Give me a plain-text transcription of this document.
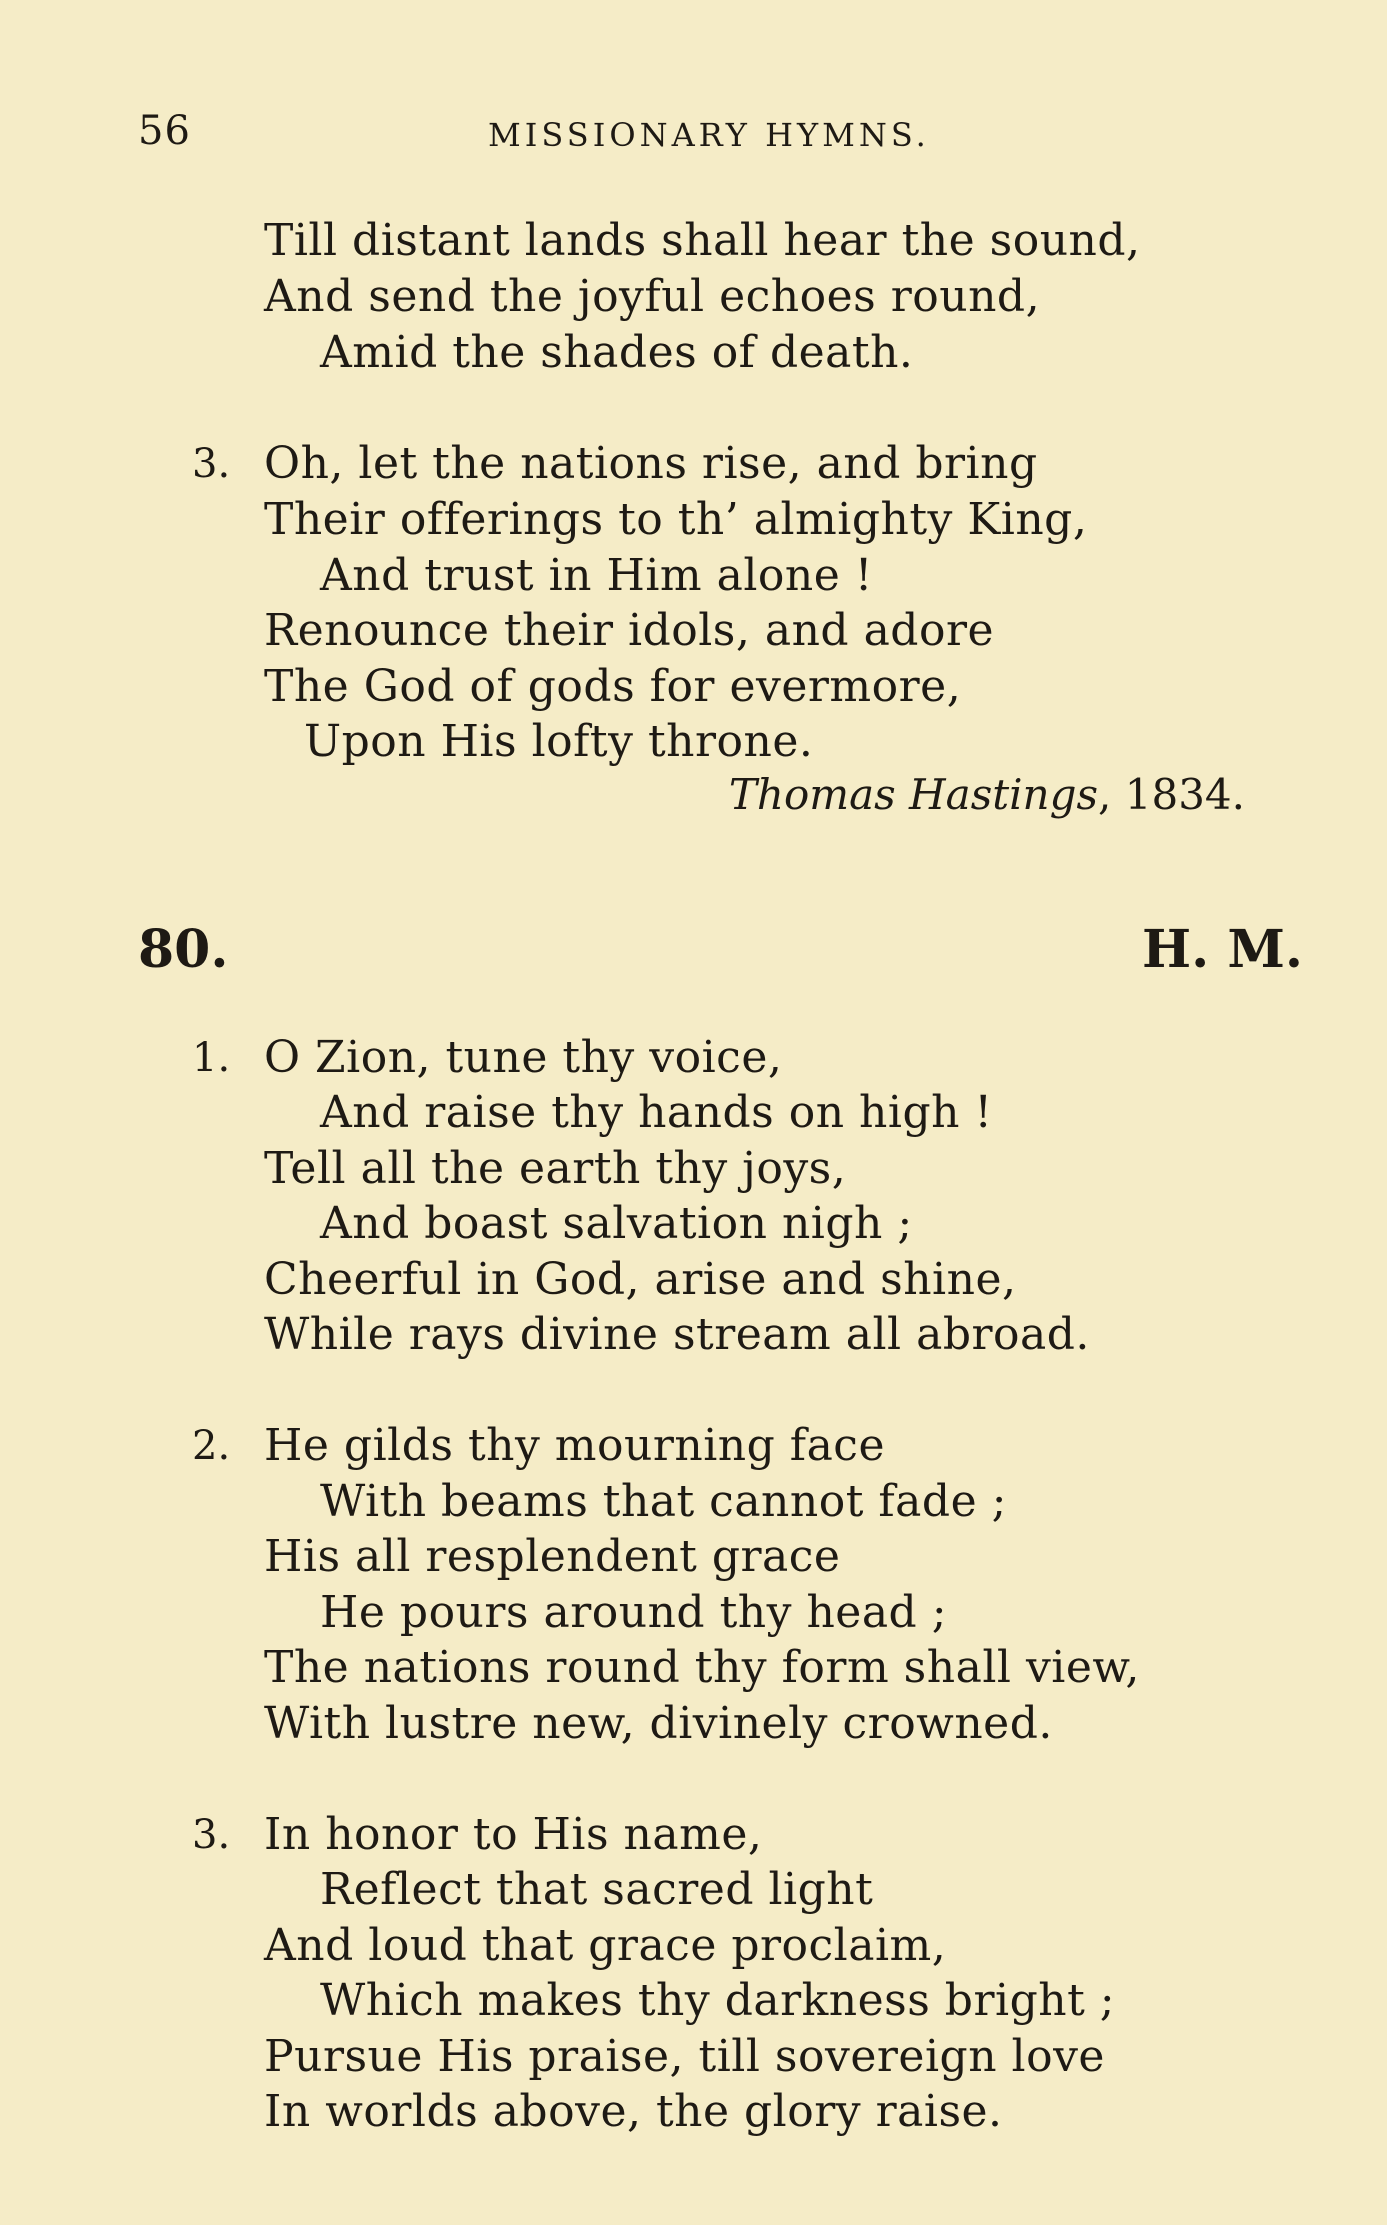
56	MISSIONARY HYMNS.
Till distant lands shall hear the sound,
And send the joyful echoes round,
Amid the shades of death.
3. Oh, let the nations rise, and bring
Their offerings to th’ almighty King,
And trust in Him alone !
Renounce their idols, and adore
The God of gods for evermore,
Upon His lofty throne.
Thomas Hastings, 1834.
80.	H. M.
1. O Zion, tune thy voice,
And raise thy hands on high !
Tell all the earth thy joys,
And boast salvation nigh ;
Cheerful in God, arise and shine,
While rays divine stream all abroad.
2. He gilds thy mourning face
With beams that cannot fade ;
His all resplendent grace
He pours around thy head ;
The nations round thy form shall view,
With lustre new, divinely crowned.
3. In honor to His name,
Reflect that sacred light
And loud that grace proclaim,
Which makes thy darkness bright ;
Pursue His praise, till sovereign love
In worlds above, the glory raise.
